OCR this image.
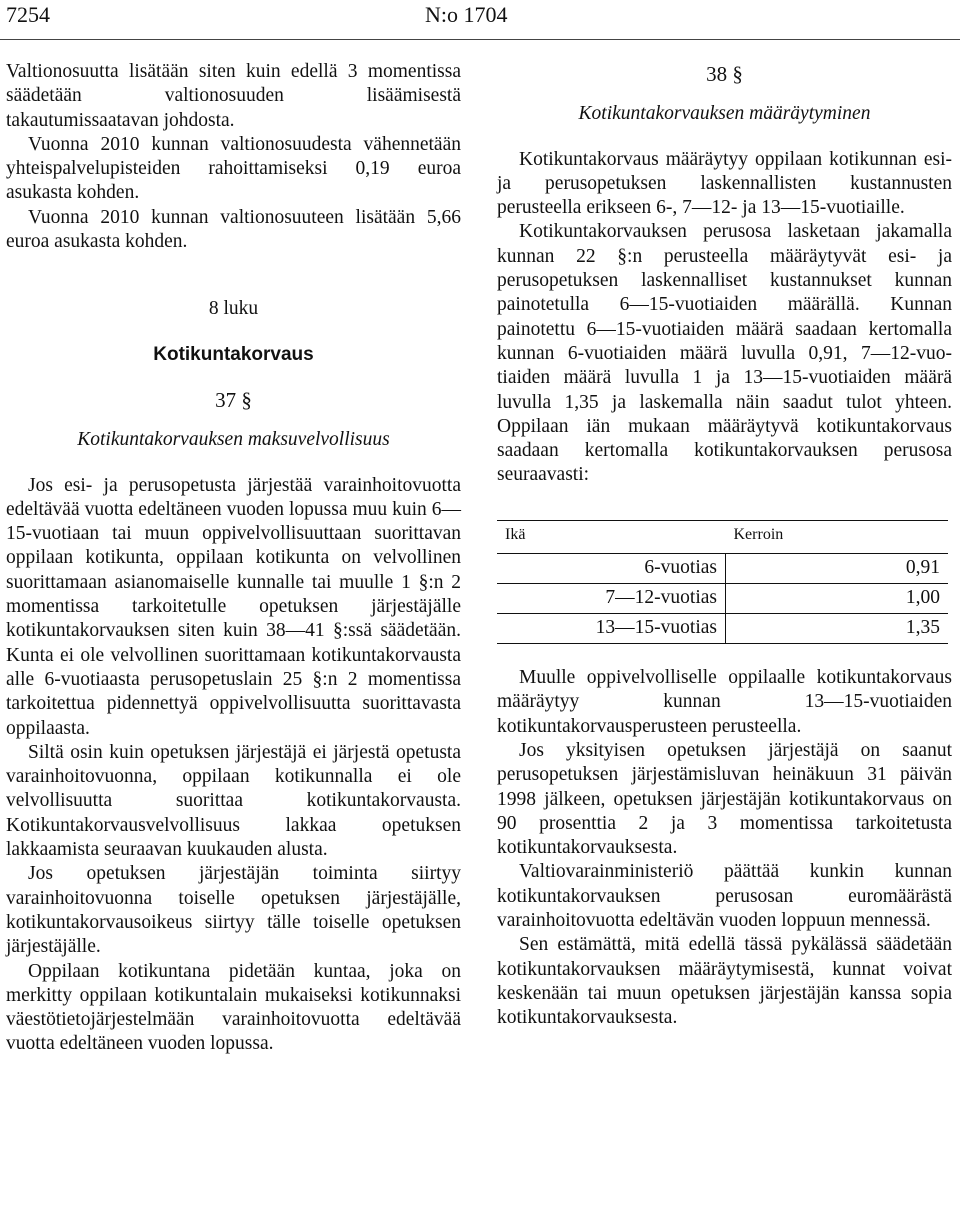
7254	N:o 1704

Valtionosuutta lisätään siten kuin edellä 3 momentissa säädetään valtionosuuden lisäämisestä takautumissaatavan johdosta.

Vuonna 2010 kunnan valtionosuudesta vähennetään yhteispalvelupisteiden rahoittamiseksi 0,19 euroa asukasta kohden.

Vuonna 2010 kunnan valtionosuuteen lisätään 5,66 euroa asukasta kohden.

8 luku

Kotikuntakorvaus

37 §

Kotikuntakorvauksen maksuvelvollisuus

Jos esi- ja perusopetusta järjestää varainhoitovuotta edeltävää vuotta edeltäneen vuoden lopussa muu kuin 6—15-vuotiaan tai muun oppivelvollisuuttaan suorittavan oppilaan kotikunta, oppilaan kotikunta on velvollinen suorittamaan asianomaiselle kunnalle tai muulle 1 §:n 2 momentissa tarkoitetulle opetuksen järjestäjälle kotikuntakorvauksen siten kuin 38—41 §:ssä säädetään. Kunta ei ole velvollinen suorittamaan kotikuntakorvausta alle 6-vuotiaasta perusopetuslain 25 §:n 2 momentissa tarkoitettua pidennettyä oppivelvollisuutta suorittavasta oppilaasta.

Siltä osin kuin opetuksen järjestäjä ei järjestä opetusta varainhoitovuonna, oppilaan kotikunnalla ei ole velvollisuutta suorittaa kotikuntakorvausta. Kotikuntakorvausvelvollisuus lakkaa opetuksen lakkaamista seuraavan kuukauden alusta.

Jos opetuksen järjestäjän toiminta siirtyy varainhoitovuonna toiselle opetuksen järjestäjälle, kotikuntakorvausoikeus siirtyy tälle toiselle opetuksen järjestäjälle.

Oppilaan kotikuntana pidetään kuntaa, joka on merkitty oppilaan kotikuntalain mukaiseksi kotikunnaksi väestötietojärjestelmään varainhoitovuotta edeltävää vuotta edeltäneen vuoden lopussa.

38 §

Kotikuntakorvauksen määräytyminen

Kotikuntakorvaus määräytyy oppilaan kotikunnan esi- ja perusopetuksen laskennallisten kustannusten perusteella erikseen 6-, 7—12- ja 13—15-vuotiaille.

Kotikuntakorvauksen perusosa lasketaan jakamalla kunnan 22 §:n perusteella määräytyvät esi- ja perusopetuksen laskennalliset kustannukset kunnan painotetulla 6—15-vuotiaiden määrällä. Kunnan painotettu 6—15-vuotiaiden määrä saadaan kertomalla kunnan 6-vuotiaiden määrä luvulla 0,91, 7—12-vuotiaiden määrä luvulla 1 ja 13—15-vuotiaiden määrä luvulla 1,35 ja laskemalla näin saadut tulot yhteen. Oppilaan iän mukaan määräytyvä kotikuntakorvaus saadaan kertomalla kotikuntakorvauksen perusosa seuraavasti:

Ikä	Kerroin
6-vuotias	0,91
7—12-vuotias	1,00
13—15-vuotias	1,35

Muulle oppivelvolliselle oppilaalle kotikuntakorvaus määräytyy kunnan 13—15-vuotiaiden kotikuntakorvausperusteen perusteella.

Jos yksityisen opetuksen järjestäjä on saanut perusopetuksen järjestämisluvan heinäkuun 31 päivän 1998 jälkeen, opetuksen järjestäjän kotikuntakorvaus on 90 prosenttia 2 ja 3 momentissa tarkoitetusta kotikuntakorvauksesta.

Valtiovarainministeriö päättää kunkin kunnan kotikuntakorvauksen perusosan euromäärästä varainhoitovuotta edeltävän vuoden loppuun mennessä.

Sen estämättä, mitä edellä tässä pykälässä säädetään kotikuntakorvauksen määräytymisestä, kunnat voivat keskenään tai muun opetuksen järjestäjän kanssa sopia kotikuntakorvauksesta.
